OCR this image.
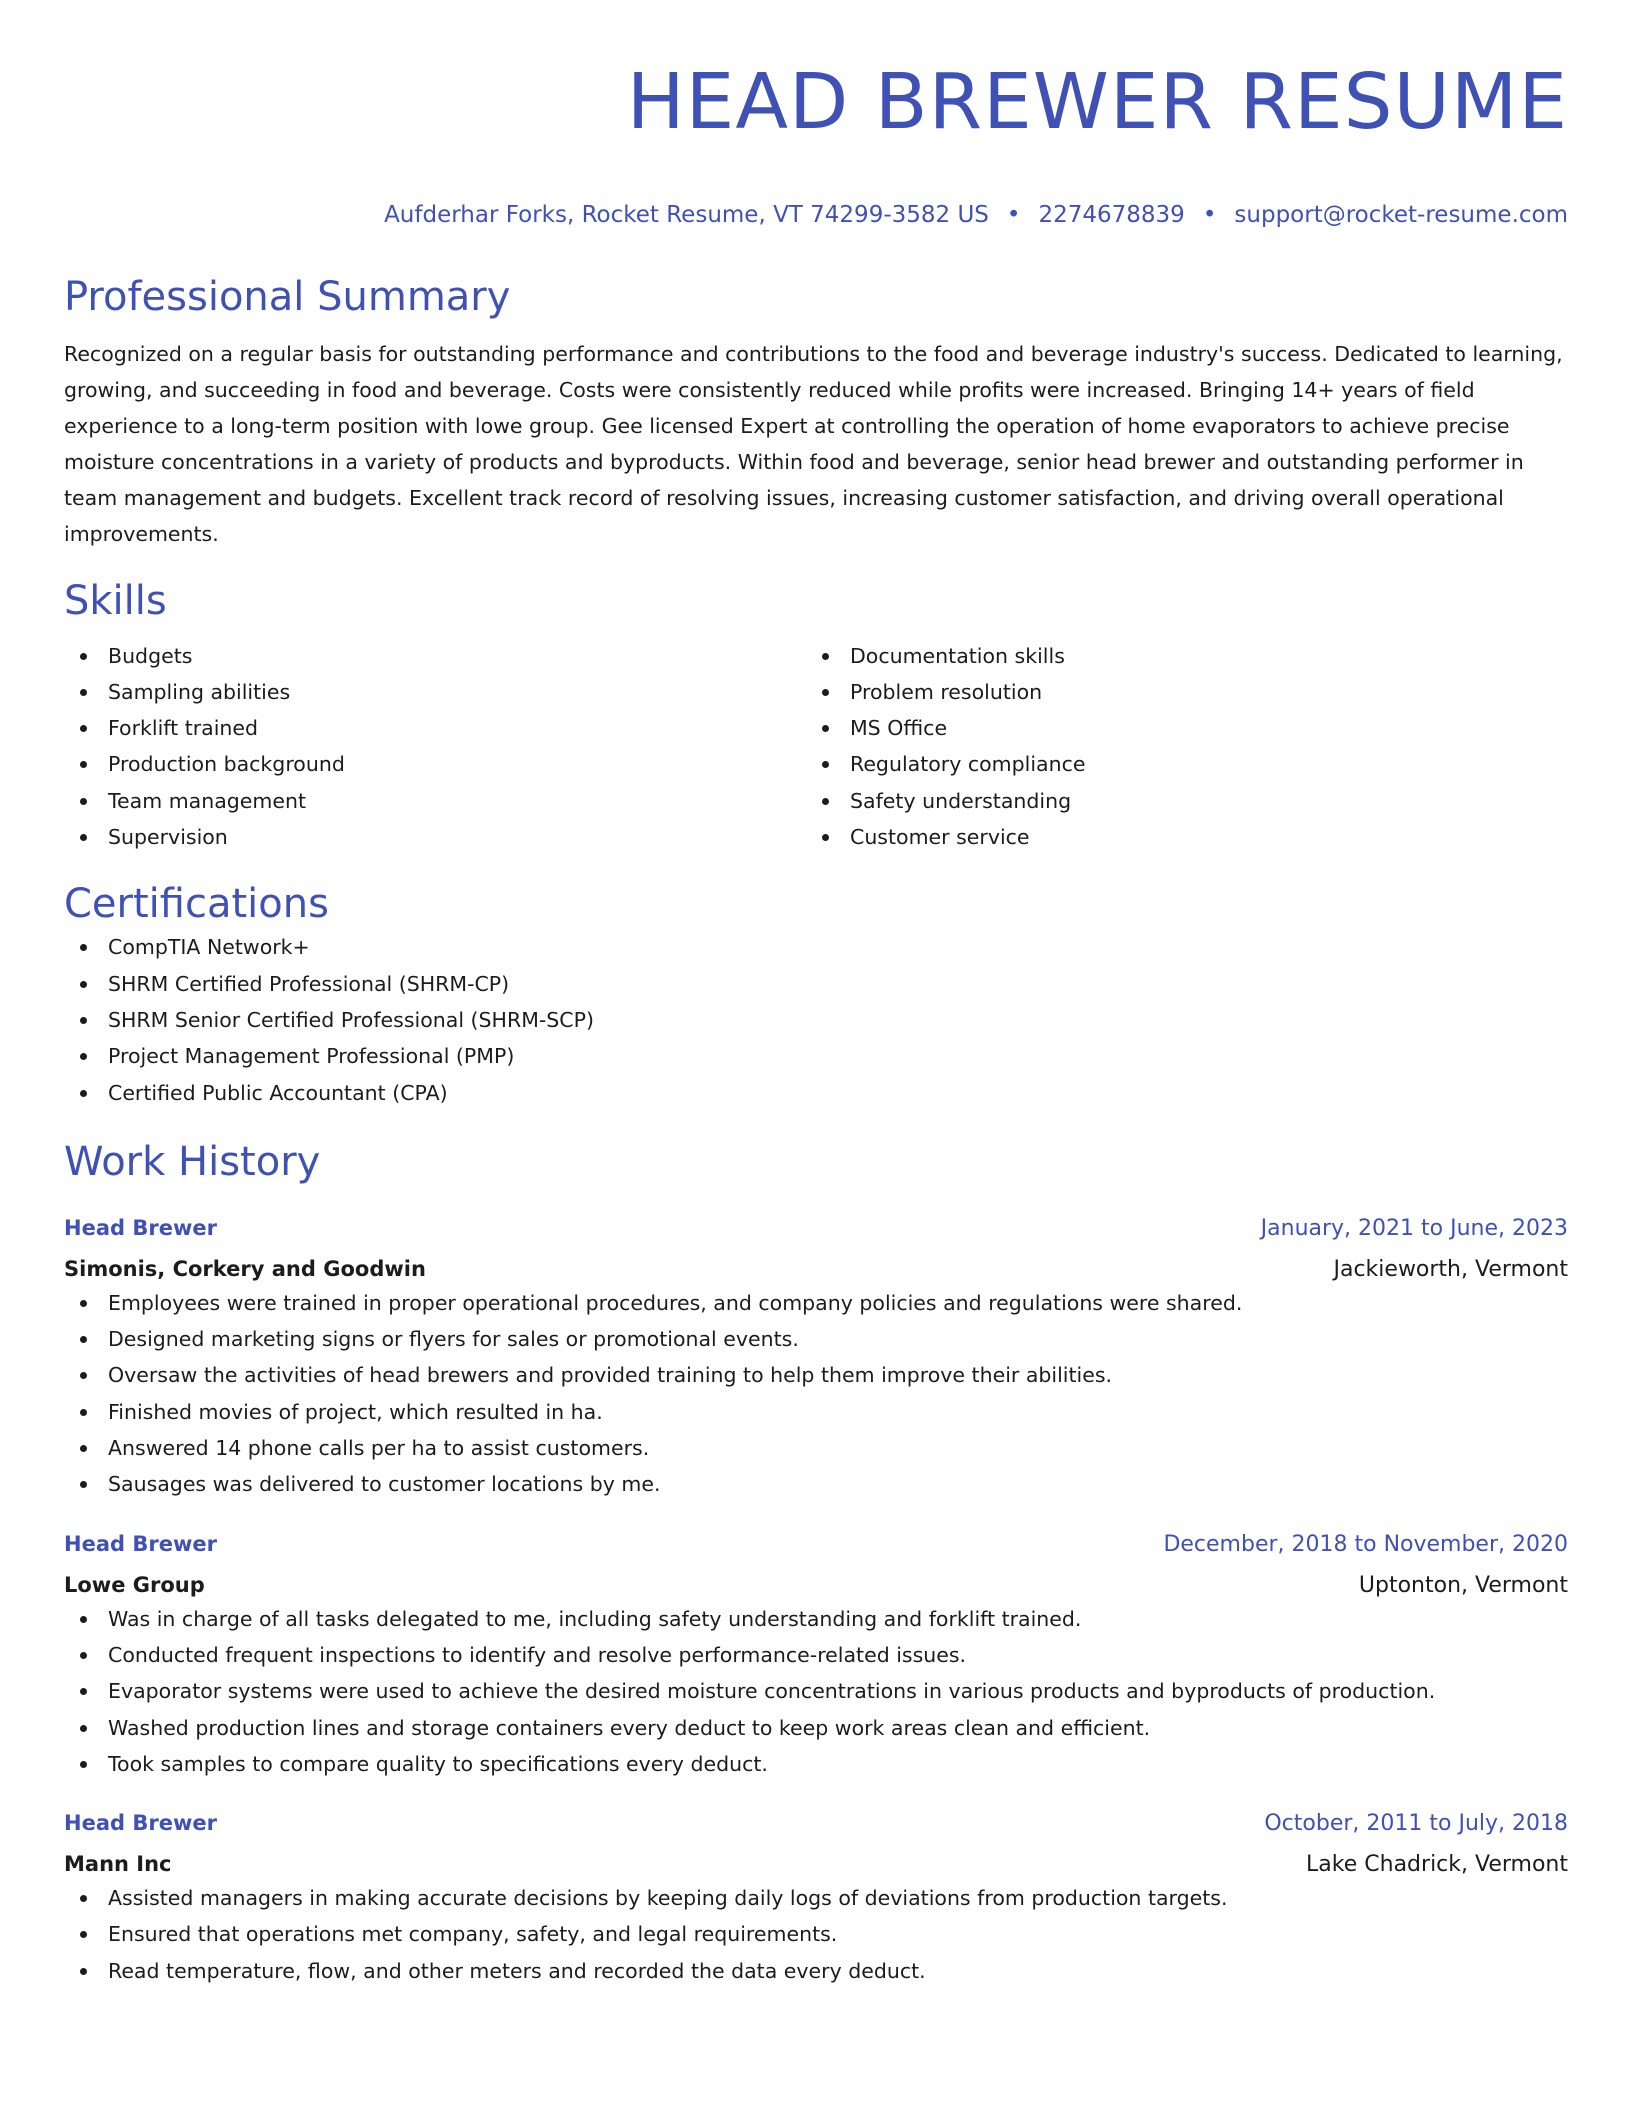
HEAD BREWER RESUME
Aufderhar Forks, Rocket Resume, VT 74299-3582 US • 2274678839 • support@rocket-resume.com
Professional Summary
Recognized on a regular basis for outstanding performance and contributions to the food and beverage industry's success. Dedicated to learning, growing, and succeeding in food and beverage. Costs were consistently reduced while profits were increased. Bringing 14+ years of field experience to a long-term position with lowe group. Gee licensed Expert at controlling the operation of home evaporators to achieve precise moisture concentrations in a variety of products and byproducts. Within food and beverage, senior head brewer and outstanding performer in team management and budgets. Excellent track record of resolving issues, increasing customer satisfaction, and driving overall operational improvements.
Skills
Budgets
Sampling abilities
Forklift trained
Production background
Team management
Supervision
Documentation skills
Problem resolution
MS Office
Regulatory compliance
Safety understanding
Customer service
Certifications
CompTIA Network+
SHRM Certified Professional (SHRM-CP)
SHRM Senior Certified Professional (SHRM-SCP)
Project Management Professional (PMP)
Certified Public Accountant (CPA)
Work History
Head Brewer	January, 2021 to June, 2023
Simonis, Corkery and Goodwin	Jackieworth, Vermont
Employees were trained in proper operational procedures, and company policies and regulations were shared.
Designed marketing signs or flyers for sales or promotional events.
Oversaw the activities of head brewers and provided training to help them improve their abilities.
Finished movies of project, which resulted in ha.
Answered 14 phone calls per ha to assist customers.
Sausages was delivered to customer locations by me.
Head Brewer	December, 2018 to November, 2020
Lowe Group	Uptonton, Vermont
Was in charge of all tasks delegated to me, including safety understanding and forklift trained.
Conducted frequent inspections to identify and resolve performance-related issues.
Evaporator systems were used to achieve the desired moisture concentrations in various products and byproducts of production.
Washed production lines and storage containers every deduct to keep work areas clean and efficient.
Took samples to compare quality to specifications every deduct.
Head Brewer	October, 2011 to July, 2018
Mann Inc	Lake Chadrick, Vermont
Assisted managers in making accurate decisions by keeping daily logs of deviations from production targets.
Ensured that operations met company, safety, and legal requirements.
Read temperature, flow, and other meters and recorded the data every deduct.
